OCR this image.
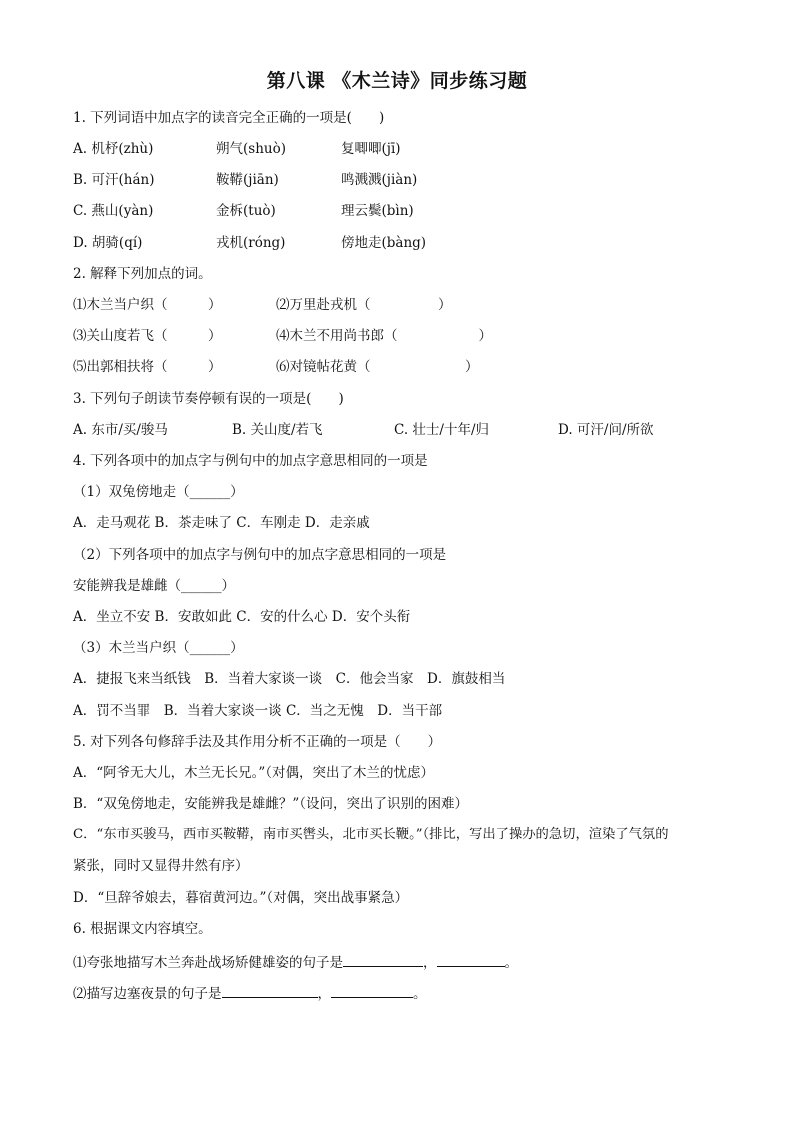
第八课 《木兰诗》同步练习题
1. 下列词语中加点字的读音完全正确的一项是(　　)
A. 机杼(zhù)	朔气(shuò)	复唧唧(jī)
B. 可汗(hán)	鞍鞯(jiān)	鸣溅溅(jiàn)
C. 燕山(yàn)	金柝(tuò)	理云鬓(bìn)
D. 胡骑(qí)	戎机(róng)	傍地走(bàng)
2. 解释下列加点的词。
⑴木兰当户织（　　　）	⑵万里赴戎机（　　　　　）
⑶关山度若飞（　　　）	⑷木兰不用尚书郎（　　　　　　）
⑸出郭相扶将（　　　）	⑹对镜帖花黄（　　　　　　　）
3. 下列句子朗读节奏停顿有误的一项是(　　)
A. 东市/买/骏马	B. 关山度/若飞	C. 壮士/十年/归	D. 可汗/问/所欲
4. 下列各项中的加点字与例句中的加点字意思相同的一项是
（1）双兔傍地走（______）
A．走马观花 B．茶走味了 C．车刚走 D．走亲戚
（2）下列各项中的加点字与例句中的加点字意思相同的一项是
安能辨我是雄雌（______）
A．坐立不安 B．安敢如此 C．安的什么心 D．安个头衔
（3）木兰当户织（______）
A．捷报飞来当纸钱　B．当着大家谈一谈　C．他会当家　D．旗鼓相当
A．罚不当罪　B．当着大家谈一谈 C．当之无愧　D．当干部
5. 对下列各句修辞手法及其作用分析不正确的一项是（　　）
A．“阿爷无大儿，木兰无长兄。”（对偶，突出了木兰的忧虑）
B．“双兔傍地走，安能辨我是雄雌？”（设问，突出了识别的困难）
C．“东市买骏马，西市买鞍鞯，南市买辔头，北市买长鞭。”（排比，写出了操办的急切，渲染了气氛的
紧张，同时又显得井然有序）
D．“旦辞爷娘去，暮宿黄河边。”（对偶，突出战事紧急）
6. 根据课文内容填空。
⑴夸张地描写木兰奔赴战场矫健雄姿的句子是	，	。
⑵描写边塞夜景的句子是	，	。
